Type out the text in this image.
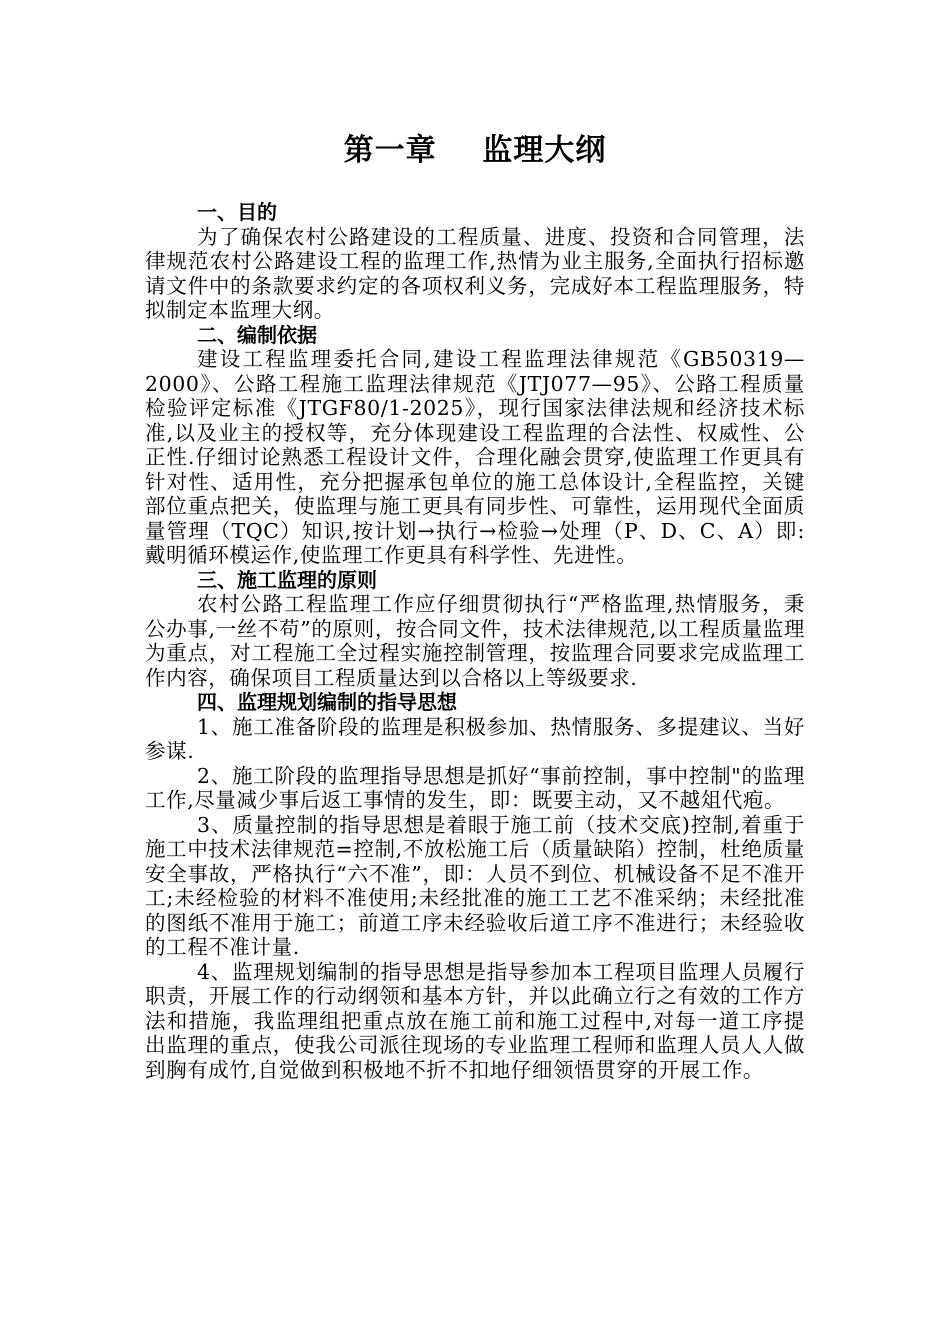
第一章    监理大纲

一、目的

为了确保农村公路建设的工程质量、进度、投资和合同管理，法律规范农村公路建设工程的监理工作,热情为业主服务,全面执行招标邀请文件中的条款要求约定的各项权利义务，完成好本工程监理服务，特拟制定本监理大纲。

二、编制依据

建设工程监理委托合同,建设工程监理法律规范《GB50319—2000》、公路工程施工监理法律规范《JTJ077—95》、公路工程质量检验评定标准《JTGF80/1-2025》，现行国家法律法规和经济技术标准,以及业主的授权等，充分体现建设工程监理的合法性、权威性、公正性.仔细讨论熟悉工程设计文件，合理化融会贯穿,使监理工作更具有针对性、适用性，充分把握承包单位的施工总体设计,全程监控，关键部位重点把关，使监理与施工更具有同步性、可靠性，运用现代全面质量管理（TQC）知识,按计划→执行→检验→处理（P、D、C、A）即:戴明循环模运作,使监理工作更具有科学性、先进性。

三、施工监理的原则

农村公路工程监理工作应仔细贯彻执行“严格监理,热情服务，秉公办事,一丝不苟”的原则，按合同文件，技术法律规范,以工程质量监理为重点，对工程施工全过程实施控制管理，按监理合同要求完成监理工作内容，确保项目工程质量达到以合格以上等级要求.

四、监理规划编制的指导思想

1、施工准备阶段的监理是积极参加、热情服务、多提建议、当好参谋.

2、施工阶段的监理指导思想是抓好“事前控制，事中控制"的监理工作,尽量减少事后返工事情的发生，即：既要主动，又不越俎代疱。

3、质量控制的指导思想是着眼于施工前（技术交底)控制,着重于施工中技术法律规范=控制,不放松施工后（质量缺陷）控制，杜绝质量安全事故，严格执行“六不准”，即：人员不到位、机械设备不足不准开工;未经检验的材料不准使用;未经批准的施工工艺不准采纳；未经批准的图纸不准用于施工；前道工序未经验收后道工序不准进行；未经验收的工程不准计量.

4、监理规划编制的指导思想是指导参加本工程项目监理人员履行职责，开展工作的行动纲领和基本方针，并以此确立行之有效的工作方法和措施，我监理组把重点放在施工前和施工过程中,对每一道工序提出监理的重点，使我公司派往现场的专业监理工程师和监理人员人人做到胸有成竹,自觉做到积极地不折不扣地仔细领悟贯穿的开展工作。
